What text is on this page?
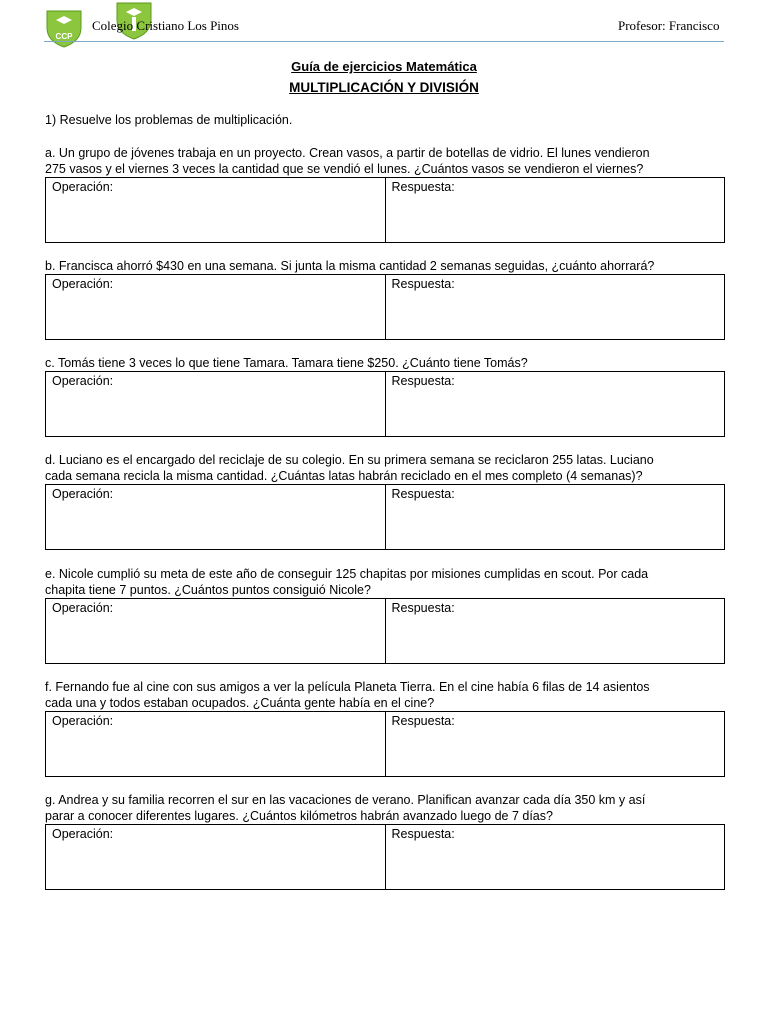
CCP
Colegio Cristiano Los Pinos	Profesor: Francisco
Guía de ejercicios Matemática
MULTIPLICACIÓN Y DIVISIÓN
1) Resuelve los problemas de multiplicación.
a. Un grupo de jóvenes trabaja en un proyecto. Crean vasos, a partir de botellas de vidrio. El lunes vendieron
275 vasos y el viernes 3 veces la cantidad que se vendió el lunes. ¿Cuántos vasos se vendieron el viernes?
Operación:	Respuesta:
b. Francisca ahorró $430 en una semana. Si junta la misma cantidad 2 semanas seguidas, ¿cuánto ahorrará?
Operación:	Respuesta:
c. Tomás tiene 3 veces lo que tiene Tamara. Tamara tiene $250. ¿Cuánto tiene Tomás?
Operación:	Respuesta:
d. Luciano es el encargado del reciclaje de su colegio. En su primera semana se reciclaron 255 latas. Luciano
cada semana recicla la misma cantidad. ¿Cuántas latas habrán reciclado en el mes completo (4 semanas)?
Operación:	Respuesta:
e. Nicole cumplió su meta de este año de conseguir 125 chapitas por misiones cumplidas en scout. Por cada
chapita tiene 7 puntos. ¿Cuántos puntos consiguió Nicole?
Operación:	Respuesta:
f. Fernando fue al cine con sus amigos a ver la película Planeta Tierra. En el cine había 6 filas de 14 asientos
cada una y todos estaban ocupados. ¿Cuánta gente había en el cine?
Operación:	Respuesta:
g. Andrea y su familia recorren el sur en las vacaciones de verano. Planifican avanzar cada día 350 km y así
parar a conocer diferentes lugares. ¿Cuántos kilómetros habrán avanzado luego de 7 días?
Operación:	Respuesta:
